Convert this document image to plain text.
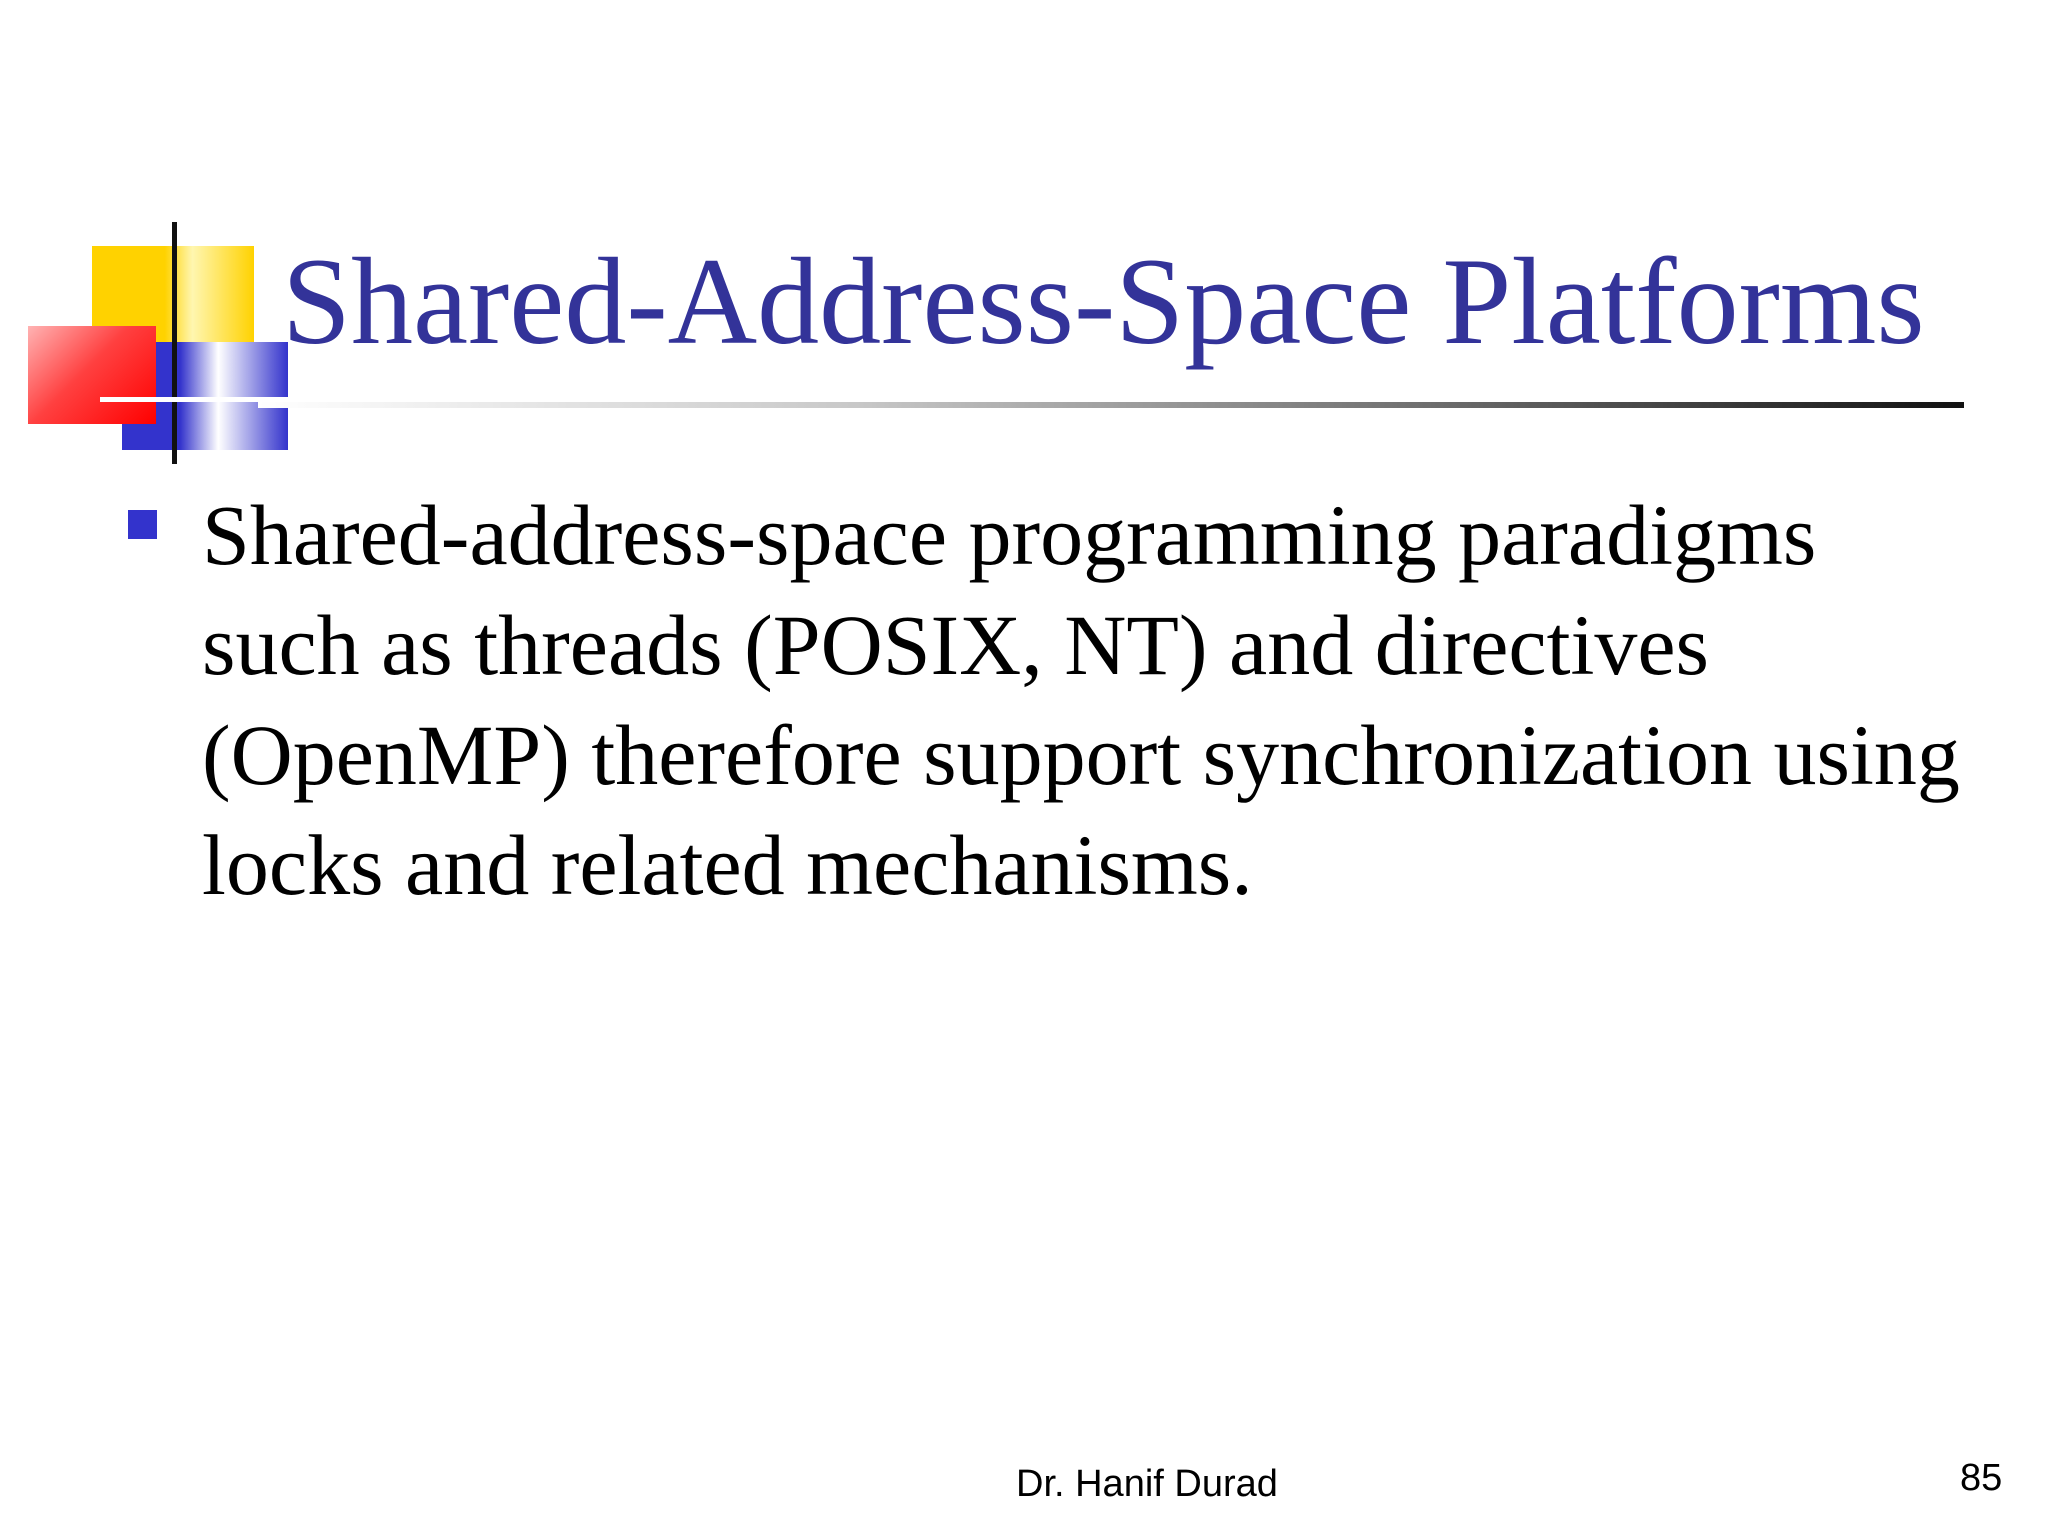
Shared-Address-Space Platforms
Shared-address-space programming paradigms such as threads (POSIX, NT) and directives (OpenMP) therefore support synchronization using locks and related mechanisms.
Dr. Hanif Durad	85
